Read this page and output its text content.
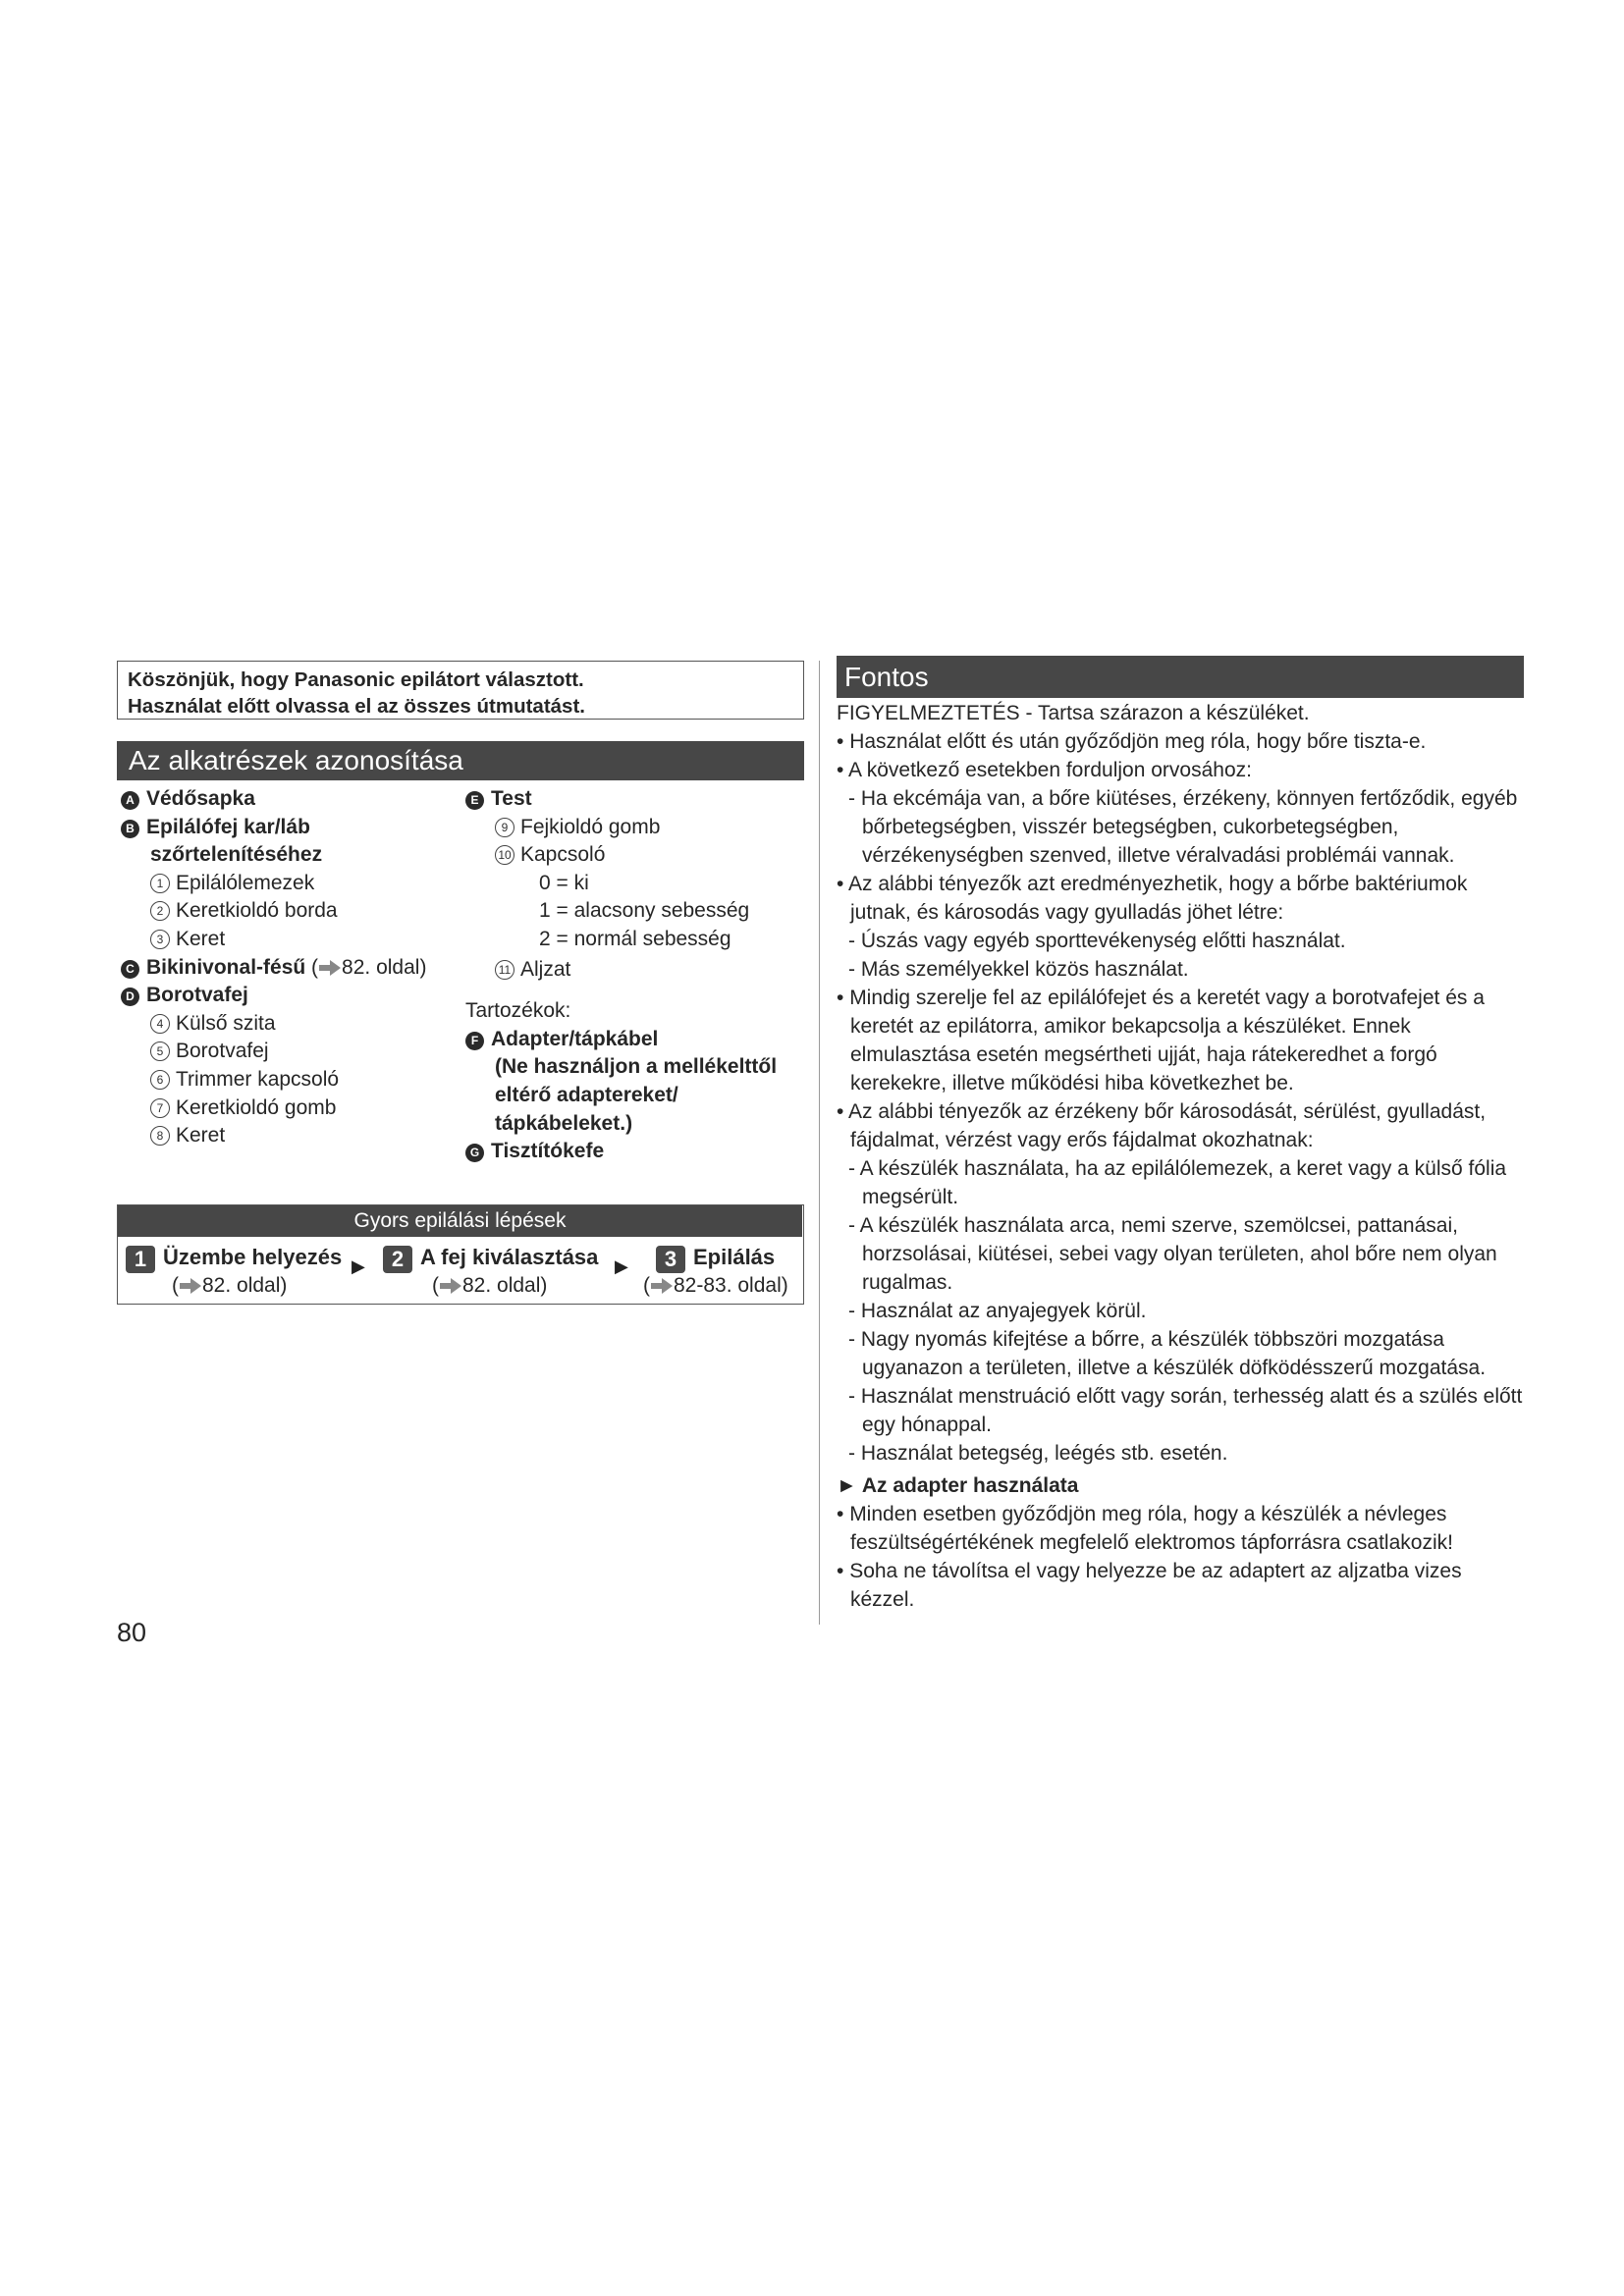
Köszönjük, hogy Panasonic epilátort választott.
Használat előtt olvassa el az összes útmutatást.
Az alkatrészek azonosítása
A Védősapka
B Epilálófej kar/láb
szőrtelenítéséhez
1 Epilálólemezek
2 Keretkioldó borda
3 Keret
C Bikinivonal-fésű ( 82. oldal)
D Borotvafej
4 Külső szita
5 Borotvafej
6 Trimmer kapcsoló
7 Keretkioldó gomb
8 Keret
E Test
9 Fejkioldó gomb
10 Kapcsoló
0 = ki
1 = alacsony sebesség
2 = normál sebesség
11 Aljzat
Tartozékok:
F Adapter/tápkábel
(Ne használjon a mellékelttől
eltérő adaptereket/
tápkábeleket.)
G Tisztítókefe
Gyors epilálási lépések
1 Üzembe helyezés
( 82. oldal)
▶	2 A fej kiválasztása
( 82. oldal)
▶	3 Epilálás
( 82-83. oldal)
80
Fontos

FIGYELMEZTETÉS - Tartsa szárazon a készüléket.

• Használat előtt és után győződjön meg róla, hogy bőre tiszta-e.

• A következő esetekben forduljon orvosához:

- Ha ekcémája van, a bőre kiütéses, érzékeny, könnyen fertőződik, egyéb bőrbetegségben, visszér betegségben, cukorbetegségben, vérzékenységben szenved, illetve véralvadási problémái vannak.

• Az alábbi tényezők azt eredményezhetik, hogy a bőrbe baktériumok jutnak, és károsodás vagy gyulladás jöhet létre:

- Úszás vagy egyéb sporttevékenység előtti használat.

- Más személyekkel közös használat.

• Mindig szerelje fel az epilálófejet és a keretét vagy a borotvafejet és a keretét az epilátorra, amikor bekapcsolja a készüléket. Ennek elmulasztása esetén megsértheti ujját, haja rátekeredhet a forgó kerekekre, illetve működési hiba következhet be.

• Az alábbi tényezők az érzékeny bőr károsodását, sérülést, gyulladást, fájdalmat, vérzést vagy erős fájdalmat okozhatnak:

- A készülék használata, ha az epilálólemezek, a keret vagy a külső fólia megsérült.

- A készülék használata arca, nemi szerve, szemölcsei, pattanásai, horzsolásai, kiütései, sebei vagy olyan területen, ahol bőre nem olyan rugalmas.

- Használat az anyajegyek körül.

- Nagy nyomás kifejtése a bőrre, a készülék többszöri mozgatása ugyanazon a területen, illetve a készülék döfködésszerű mozgatása.

- Használat menstruáció előtt vagy során, terhesség alatt és a szülés előtt egy hónappal.

- Használat betegség, leégés stb. esetén.

► Az adapter használata

• Minden esetben győződjön meg róla, hogy a készülék a névleges feszültségértékének megfelelő elektromos tápforrásra csatlakozik!

• Soha ne távolítsa el vagy helyezze be az adaptert az aljzatba vizes kézzel.
